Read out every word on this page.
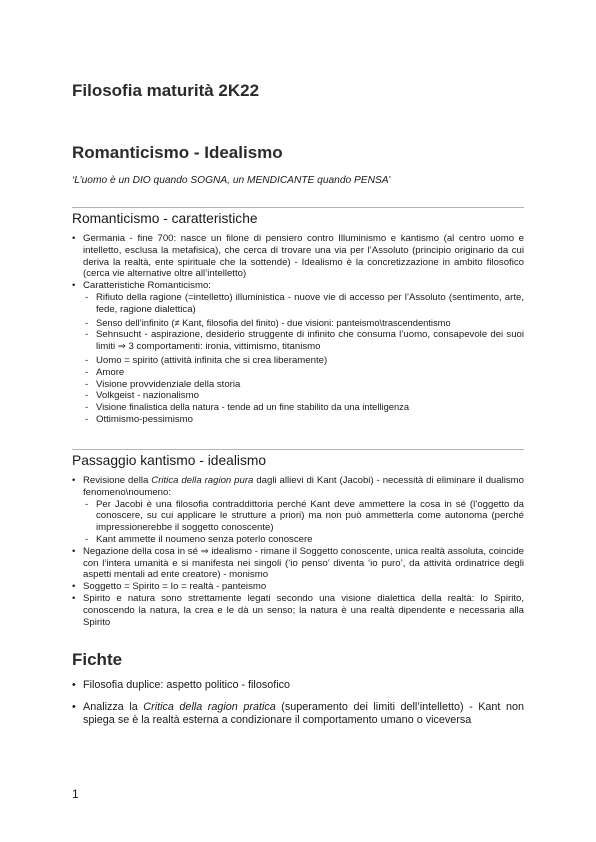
Filosofia maturità 2K22
Romanticismo - Idealismo
‘L’uomo è un DIO quando SOGNA, un MENDICANTE quando PENSA’
Romanticismo - caratteristiche

• Germania - fine 700: nasce un filone di pensiero contro Illuminismo e kantismo (al centro uomo e intelletto, esclusa la metafisica), che cerca di trovare una via per l’Assoluto (principio originario da cui deriva la realtà, ente spirituale che la sottende) - Idealismo è la concretizzazione in ambito filosofico (cerca vie alternative oltre all’intelletto)

• Caratteristiche Romanticismo:

- Rifiuto della ragione (=intelletto) illuministica - nuove vie di accesso per l’Assoluto (sentimento, arte, fede, ragione dialettica)

- Senso dell’infinito (≠ Kant, filosofia del finito) - due visioni: panteismo\trascendentismo

- Sehnsucht - aspirazione, desiderio struggente di infinito che consuma l’uomo, consapevole dei suoi limiti ⇒ 3 comportamenti: ironia, vittimismo, titanismo

- Uomo = spirito (attività infinita che si crea liberamente)

- Amore

- Visione provvidenziale della storia

- Volkgeist - nazionalismo

- Visione finalistica della natura - tende ad un fine stabilito da una intelligenza

- Ottimismo-pessimismo

Passaggio kantismo - idealismo

• Revisione della Critica della ragion pura dagli allievi di Kant (Jacobi) - necessità di eliminare il dualismo fenomeno\noumeno:

- Per Jacobi è una filosofia contraddittoria perché Kant deve ammettere la cosa in sé (l’oggetto da conoscere, su cui applicare le strutture a priori) ma non può ammetterla come autonoma (perché impressionerebbe il soggetto conoscente)

- Kant ammette il noumeno senza poterlo conoscere

• Negazione della cosa in sé ⇒ idealismo - rimane il Soggetto conoscente, unica realtà assoluta, coincide con l’intera umanità e si manifesta nei singoli (‘io penso’ diventa ‘io puro’, da attività ordinatrice degli aspetti mentali ad ente creatore) - monismo

• Soggetto = Spirito = Io = realtà - panteismo

• Spirito e natura sono strettamente legati secondo una visione dialettica della realtà: lo Spirito, conoscendo la natura, la crea e le dà un senso; la natura è una realtà dipendente e necessaria alla Spirito

Fichte

• Filosofia duplice: aspetto politico - filosofico

• Analizza la Critica della ragion pratica (superamento dei limiti dell’intelletto) - Kant non spiega se è la realtà esterna a condizionare il comportamento umano o viceversa

1
